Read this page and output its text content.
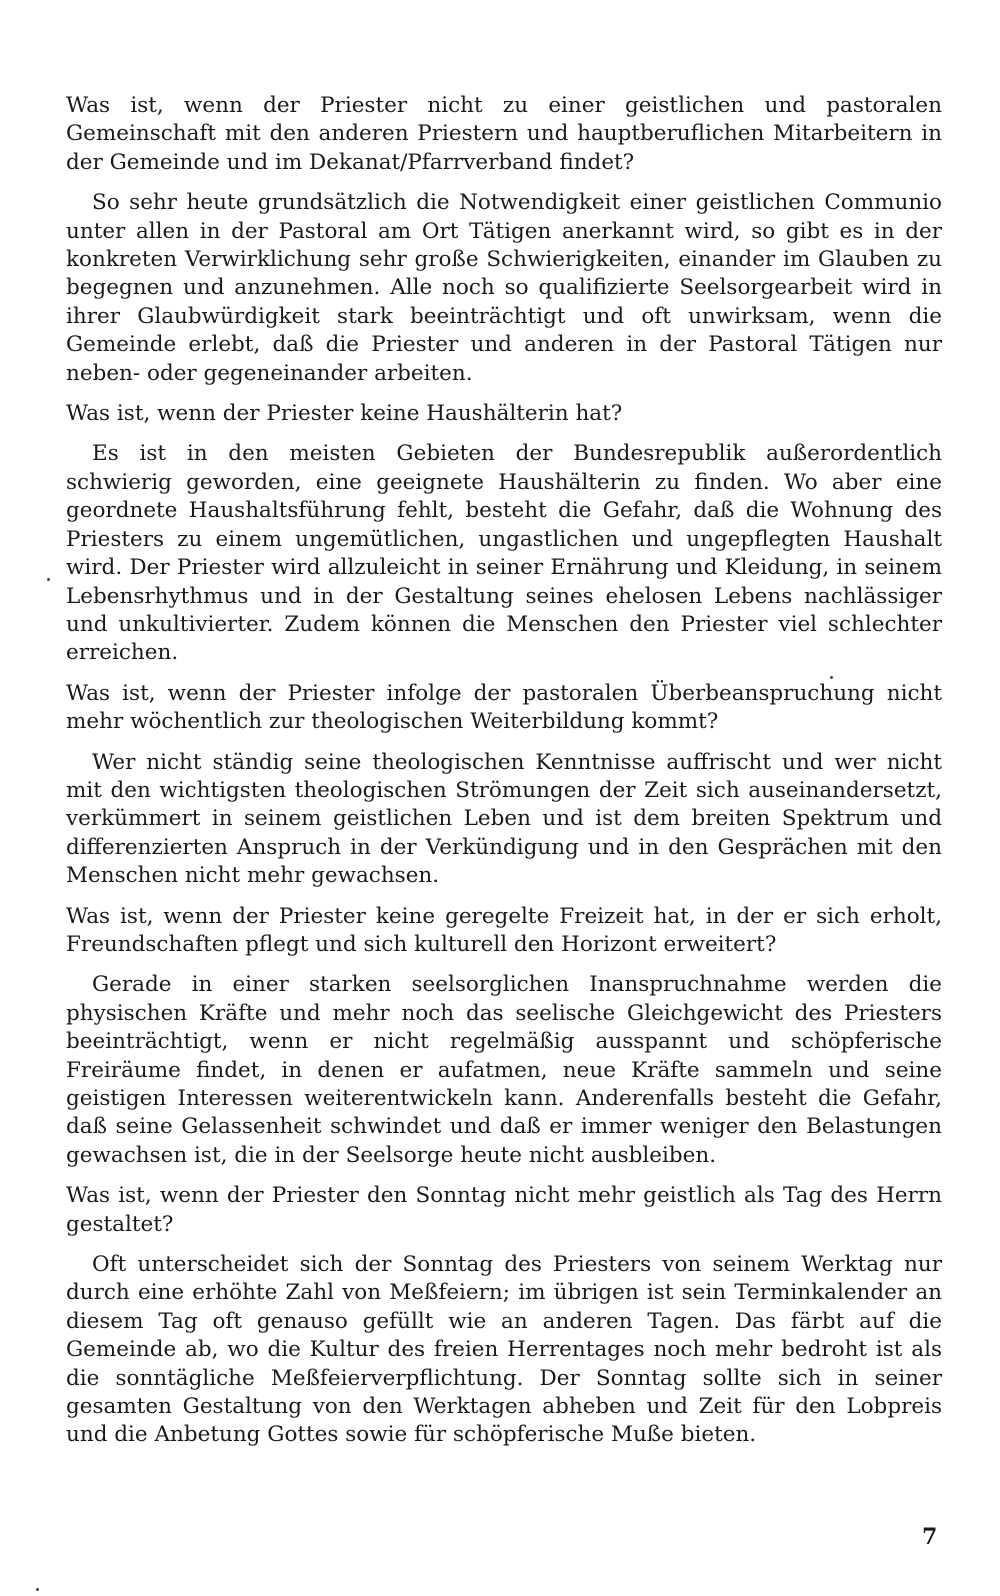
Was ist, wenn der Priester nicht zu einer geistlichen und pastoralen Gemeinschaft mit den anderen Priestern und hauptberuflichen Mitarbeitern in der Gemeinde und im Dekanat/Pfarrverband findet?

So sehr heute grundsätzlich die Notwendigkeit einer geistlichen Communio unter allen in der Pastoral am Ort Tätigen anerkannt wird, so gibt es in der konkreten Verwirklichung sehr große Schwierigkeiten, einander im Glauben zu begegnen und anzunehmen. Alle noch so qualifizierte Seelsorgearbeit wird in ihrer Glaubwürdigkeit stark beeinträchtigt und oft unwirksam, wenn die Gemeinde erlebt, daß die Priester und anderen in der Pastoral Tätigen nur neben- oder gegeneinander arbeiten.

Was ist, wenn der Priester keine Haushälterin hat?

Es ist in den meisten Gebieten der Bundesrepublik außerordentlich schwierig geworden, eine geeignete Haushälterin zu finden. Wo aber eine geordnete Haushaltsführung fehlt, besteht die Gefahr, daß die Wohnung des Priesters zu einem ungemütlichen, ungastlichen und ungepflegten Haushalt wird. Der Priester wird allzuleicht in seiner Ernährung und Kleidung, in seinem Lebensrhythmus und in der Gestaltung seines ehelosen Lebens nachlässiger und unkultivierter. Zudem können die Menschen den Priester viel schlechter erreichen.

Was ist, wenn der Priester infolge der pastoralen Überbeanspruchung nicht mehr wöchentlich zur theologischen Weiterbildung kommt?

Wer nicht ständig seine theologischen Kenntnisse auffrischt und wer nicht mit den wichtigsten theologischen Strömungen der Zeit sich auseinandersetzt, verkümmert in seinem geistlichen Leben und ist dem breiten Spektrum und differenzierten Anspruch in der Verkündigung und in den Gesprächen mit den Menschen nicht mehr gewachsen.

Was ist, wenn der Priester keine geregelte Freizeit hat, in der er sich erholt, Freundschaften pflegt und sich kulturell den Horizont erweitert?

Gerade in einer starken seelsorglichen Inanspruchnahme werden die physischen Kräfte und mehr noch das seelische Gleichgewicht des Priesters beeinträchtigt, wenn er nicht regelmäßig ausspannt und schöpferische Freiräume findet, in denen er aufatmen, neue Kräfte sammeln und seine geistigen Interessen weiterentwickeln kann. Anderenfalls besteht die Gefahr, daß seine Gelassenheit schwindet und daß er immer weniger den Belastungen gewachsen ist, die in der Seelsorge heute nicht ausbleiben.

Was ist, wenn der Priester den Sonntag nicht mehr geistlich als Tag des Herrn gestaltet?

Oft unterscheidet sich der Sonntag des Priesters von seinem Werktag nur durch eine erhöhte Zahl von Meßfeiern; im übrigen ist sein Terminkalender an diesem Tag oft genauso gefüllt wie an anderen Tagen. Das färbt auf die Gemeinde ab, wo die Kultur des freien Herrentages noch mehr bedroht ist als die sonntägliche Meßfeierverpflichtung. Der Sonntag sollte sich in seiner gesamten Gestaltung von den Werktagen abheben und Zeit für den Lobpreis und die Anbetung Gottes sowie für schöpferische Muße bieten.

7
